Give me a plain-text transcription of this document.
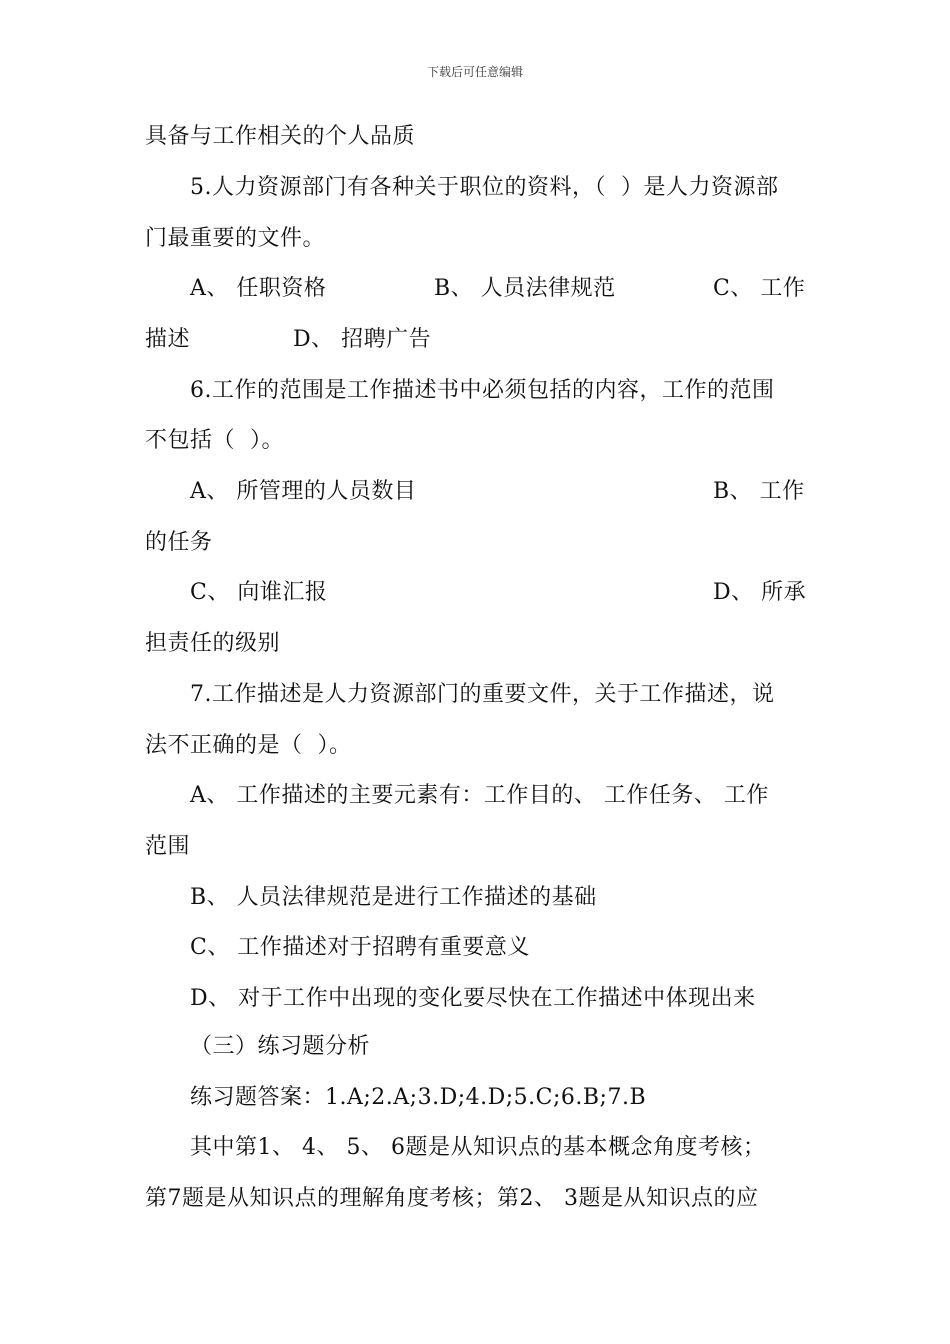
下载后可任意编辑
具备与工作相关的个人品质
5.人力资源部门有各种关于职位的资料，（  ）是人力资源部
门最重要的文件。
A、 任职资格	B、 人员法律规范	C、 工作
描述	D、 招聘广告
6.工作的范围是工作描述书中必须包括的内容，工作的范围
不包括（  ）。
A、 所管理的人员数目	B、 工作
的任务
C、 向谁汇报	D、 所承
担责任的级别
7.工作描述是人力资源部门的重要文件，关于工作描述，说
法不正确的是（  ）。
A、 工作描述的主要元素有：工作目的、 工作任务、 工作
范围
B、 人员法律规范是进行工作描述的基础
C、 工作描述对于招聘有重要意义
D、 对于工作中出现的变化要尽快在工作描述中体现出来
（三）练习题分析
练习题答案：1.A;2.A;3.D;4.D;5.C;6.B;7.B
其中第1、 4、 5、 6题是从知识点的基本概念角度考核；
第7题是从知识点的理解角度考核；第2、 3题是从知识点的应
